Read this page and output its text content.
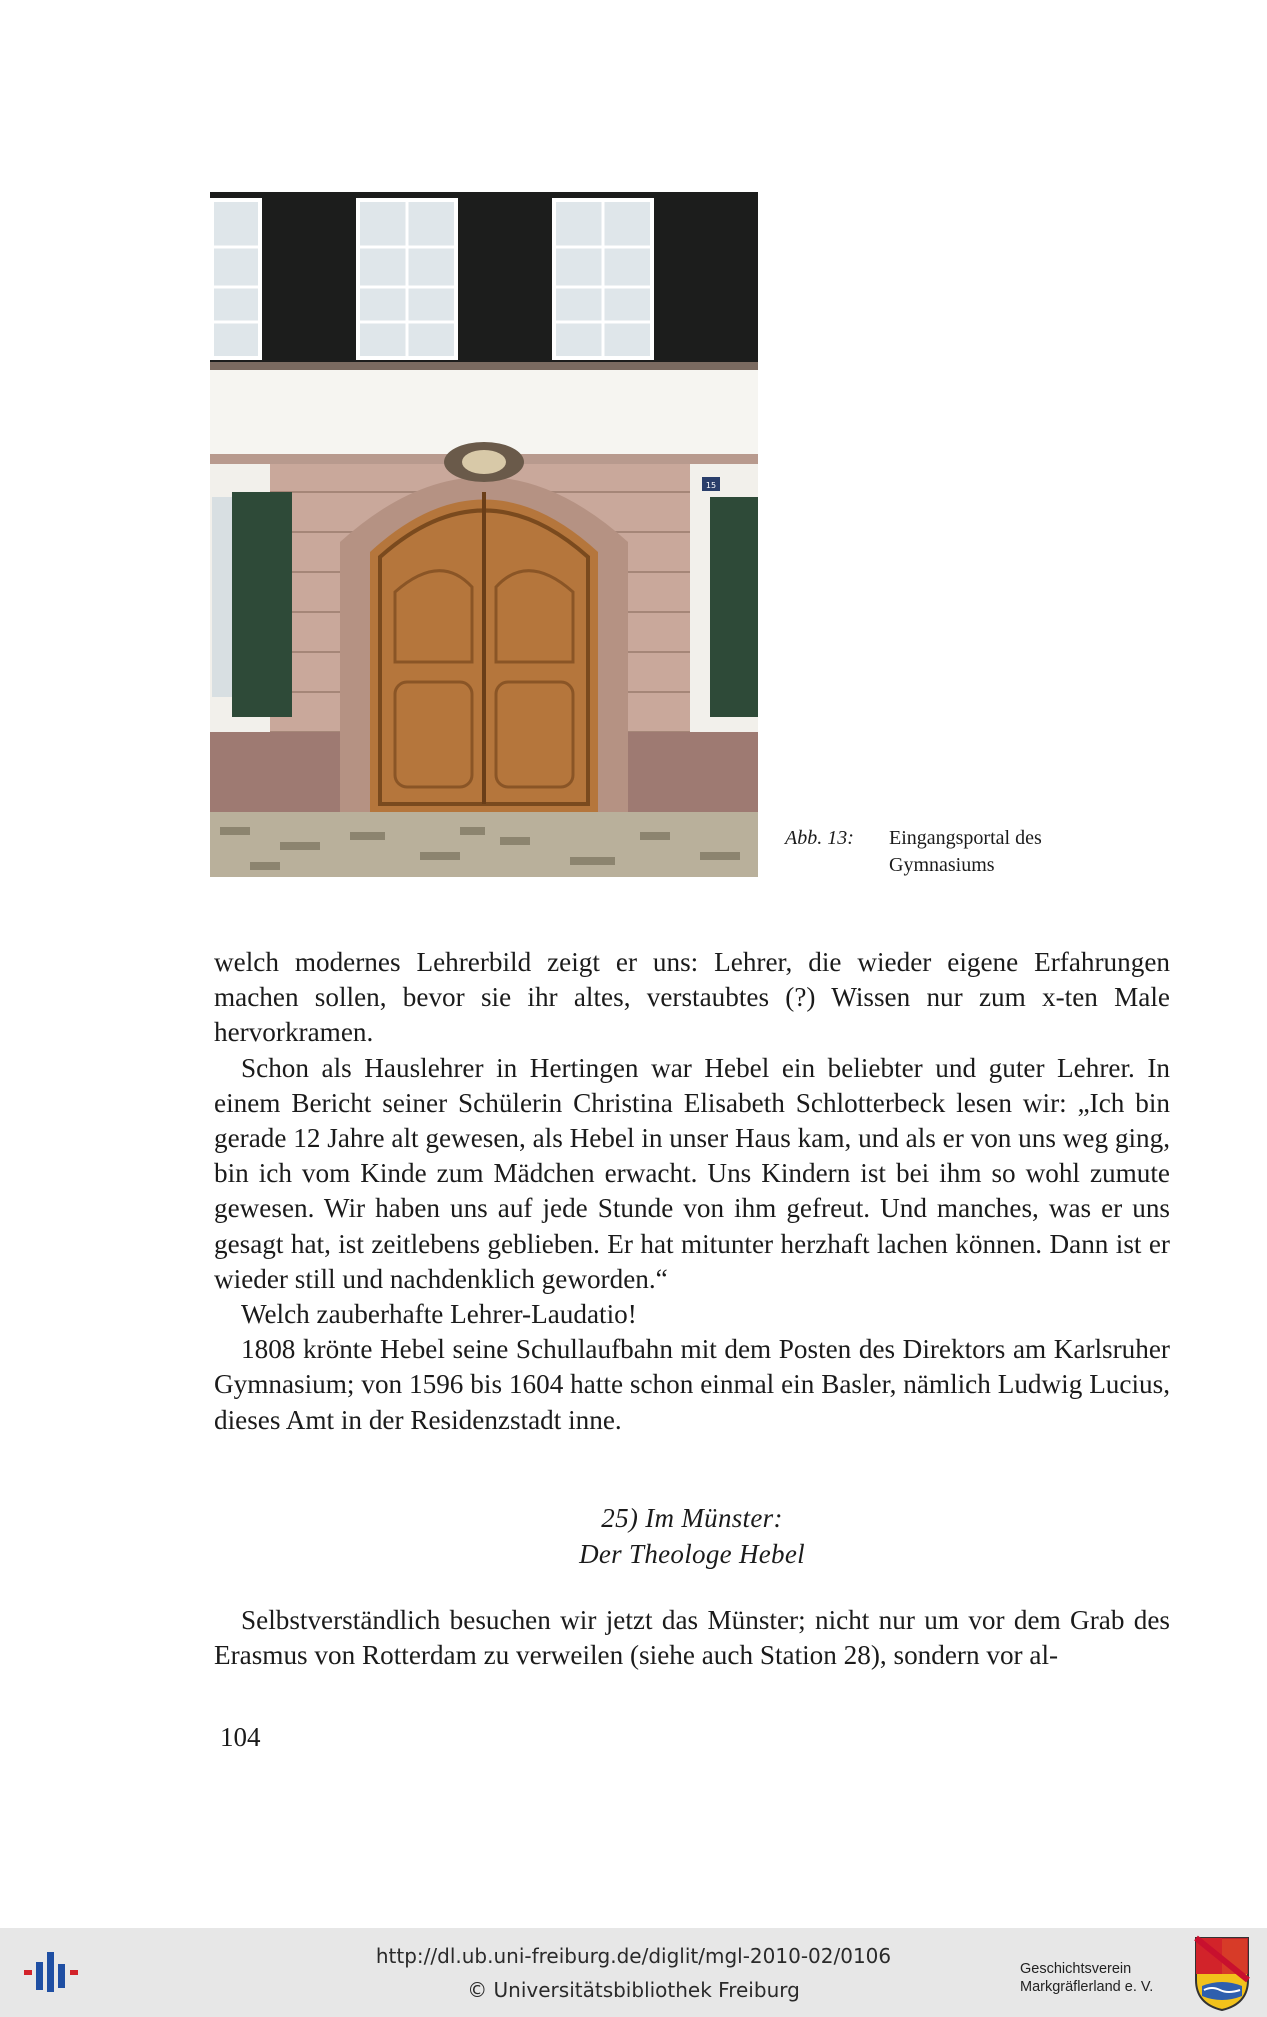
15
Abb. 13: Eingangsportal des
Gymnasiums

welch modernes Lehrerbild zeigt er uns: Lehrer, die wieder eigene Erfahrungen machen sollen, bevor sie ihr altes, verstaubtes (?) Wissen nur zum x-ten Male hervorkramen.

Schon als Hauslehrer in Hertingen war Hebel ein beliebter und guter Lehrer. In einem Bericht seiner Schülerin Christina Elisabeth Schlotterbeck lesen wir: „Ich bin gerade 12 Jahre alt gewesen, als Hebel in unser Haus kam, und als er von uns weg ging, bin ich vom Kinde zum Mädchen erwacht. Uns Kindern ist bei ihm so wohl zumute gewesen. Wir haben uns auf jede Stunde von ihm gefreut. Und manches, was er uns gesagt hat, ist zeitlebens geblieben. Er hat mitunter herzhaft lachen können. Dann ist er wieder still und nachdenklich geworden.“

Welch zauberhafte Lehrer-Laudatio!

1808 krönte Hebel seine Schullaufbahn mit dem Posten des Direktors am Karlsruher Gymnasium; von 1596 bis 1604 hatte schon einmal ein Basler, nämlich Ludwig Lucius, dieses Amt in der Residenzstadt inne.

25) Im Münster:
Der Theologe Hebel

Selbstverständlich besuchen wir jetzt das Münster; nicht nur um vor dem Grab des Erasmus von Rotterdam zu verweilen (siehe auch Station 28), sondern vor al-

104
http://dl.ub.uni-freiburg.de/diglit/mgl-2010-02/0106
© Universitätsbibliothek Freiburg
Geschichtsverein
Markgräflerland e. V.
